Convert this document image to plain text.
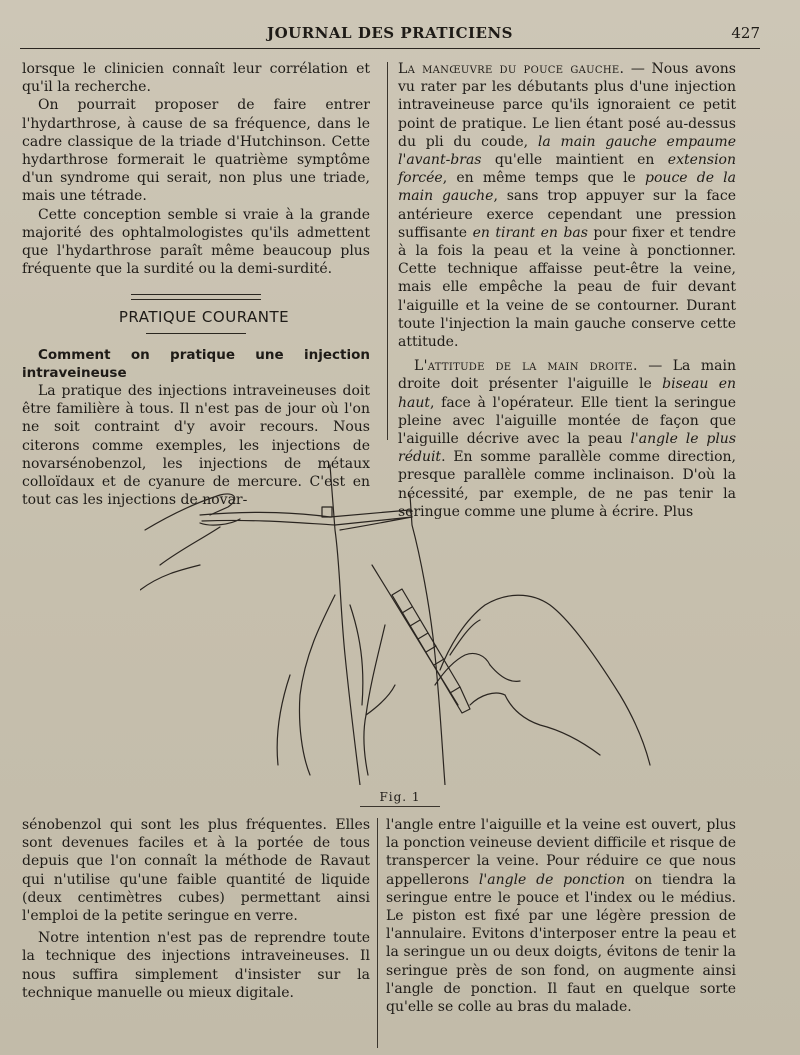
JOURNAL DES PRATICIENS	427

lorsque le clinicien connaît leur corrélation et qu'il la recherche.

On pourrait proposer de faire entrer l'hydarthrose, à cause de sa fréquence, dans le cadre classique de la triade d'Hutchinson. Cette hydarthrose formerait le quatrième symptôme d'un syndrome qui serait, non plus une triade, mais une tétrade.

Cette conception semble si vraie à la grande majorité des ophtalmologistes qu'ils admettent que l'hydarthrose paraît même beaucoup plus fréquente que la surdité ou la demi-surdité.

PRATIQUE COURANTE

Comment on pratique une injection intraveineuse

La pratique des injections intraveineuses doit être familière à tous. Il n'est pas de jour où l'on ne soit contraint d'y avoir recours. Nous citerons comme exemples, les injections de novarsénobenzol, les injections de métaux colloïdaux et de cyanure de mercure. C'est en tout cas les injections de novar-

La manœuvre du pouce gauche. — Nous avons vu rater par les débutants plus d'une injection intraveineuse parce qu'ils ignoraient ce petit point de pratique. Le lien étant posé au-dessus du pli du coude, la main gauche empaume l'avant-bras qu'elle maintient en extension forcée, en même temps que le pouce de la main gauche, sans trop appuyer sur la face antérieure exerce cependant une pression suffisante en tirant en bas pour fixer et tendre à la fois la peau et la veine à ponctionner. Cette technique affaisse peut-être la veine, mais elle empêche la peau de fuir devant l'aiguille et la veine de se contourner. Durant toute l'injection la main gauche conserve cette attitude.

L'attitude de la main droite. — La main droite doit présenter l'aiguille le biseau en haut, face à l'opérateur. Elle tient la seringue pleine avec l'aiguille montée de façon que l'aiguille décrive avec la peau l'angle le plus réduit. En somme parallèle comme direction, presque parallèle comme inclinaison. D'où la nécessité, par exemple, de ne pas tenir la seringue comme une plume à écrire. Plus

Fig. 1

sénobenzol qui sont les plus fréquentes. Elles sont devenues faciles et à la portée de tous depuis que l'on connaît la méthode de Ravaut qui n'utilise qu'une faible quantité de liquide (deux centimètres cubes) permettant ainsi l'emploi de la petite seringue en verre.

Notre intention n'est pas de reprendre toute la technique des injections intraveineuses. Il nous suffira simplement d'insister sur la technique manuelle ou mieux digitale.

l'angle entre l'aiguille et la veine est ouvert, plus la ponction veineuse devient difficile et risque de transpercer la veine. Pour réduire ce que nous appellerons l'angle de ponction on tiendra la seringue entre le pouce et l'index ou le médius. Le piston est fixé par une légère pression de l'annulaire. Evitons d'interposer entre la peau et la seringue un ou deux doigts, évitons de tenir la seringue près de son fond, on augmente ainsi l'angle de ponction. Il faut en quelque sorte qu'elle se colle au bras du malade.
